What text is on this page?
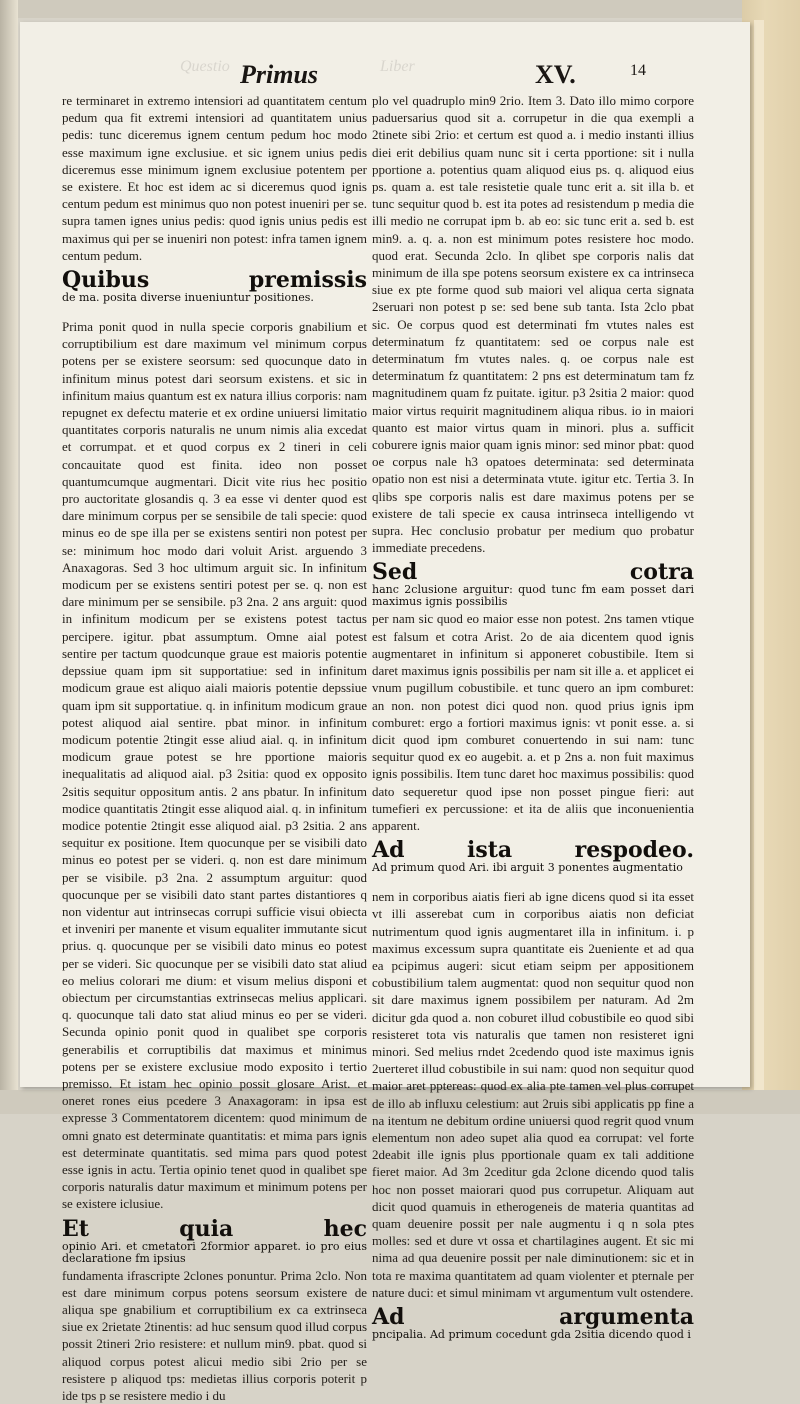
Questio	Liber
Primus	XV.	14

re terminaret in extremo intensiori ad quantitatem centum pedum qua fit extremi intensiori ad quantitatem unius pedis: tunc diceremus ignem centum pedum hoc modo esse maximum igne exclusiue. et sic ignem unius pedis diceremus esse minimum ignem exclusiue potentem per se existere. Et hoc est idem ac si diceremus quod ignis centum pedum est minimus quo non potest inueniri per se. supra tamen ignes unius pedis: quod ignis unius pedis est maximus qui per se inueniri non potest: infra tamen ignem centum pedum.

Quibus premissis de ma. posita diverse inueniuntur positiones.

Prima ponit quod in nulla specie corporis gnabilium et corruptibilium est dare maximum vel minimum corpus potens per se existere seorsum: sed quocunque dato in infinitum minus potest dari seorsum existens. et sic in infinitum maius quantum est ex natura illius corporis: nam repugnet ex defectu materie et ex ordine uniuersi limitatio quantitates corporis naturalis ne unum nimis alia excedat et corrumpat. et et quod corpus ex 2 tineri in celi concauitate quod est finita. ideo non posset quantumcumque augmentari. Dicit vite rius hec positio pro auctoritate glosandis q. 3 ea esse vi denter quod est dare minimum corpus per se sensibile de tali specie: quod minus eo de spe illa per se existens sentiri non potest per se: minimum hoc modo dari voluit Arist. arguendo 3 Anaxagoras. Sed 3 hoc ultimum arguit sic. In infinitum modicum per se existens sentiri potest per se. q. non est dare minimum per se sensibile. p3 2na. 2 ans arguit: quod in infinitum modicum per se existens potest tactus percipere. igitur. pbat assumptum. Omne aial potest sentire per tactum quodcunque graue est maioris potentie depssiue quam ipm sit supportatiue: sed in infinitum modicum graue est aliquo aiali maioris potentie depssiue quam ipm sit supportatiue. q. in infinitum modicum graue potest aliquod aial sentire. pbat minor. in infinitum modicum potentie 2tingit esse aliud aial. q. in infinitum modicum graue potest se hre pportione maioris inequalitatis ad aliquod aial. p3 2sitia: quod ex opposito 2sitis sequitur oppositum antis. 2 ans pbatur. In infinitum modice quantitatis 2tingit esse aliquod aial. q. in infinitum modice potentie 2tingit esse aliquod aial. p3 2sitia. 2 ans sequitur ex positione. Item quocunque per se visibili dato minus eo potest per se videri. q. non est dare minimum per se visibile. p3 2na. 2 assumptum arguitur: quod quocunque per se visibili dato stant partes distantiores q non videntur aut intrinsecas corrupi sufficie visui obiecta et inveniri per manente et visum equaliter immutante sicut prius. q. quocunque per se visibili dato minus eo potest per se videri. Sic quocunque per se visibili dato stat aliud eo melius colorari me dium: et visum melius disponi et obiectum per circumstantias extrinsecas melius applicari. q. quocunque tali dato stat aliud minus eo per se videri. Secunda opinio ponit quod in qualibet spe corporis generabilis et corruptibilis dat maximus et minimus potens per se existere exclusiue modo exposito i tertio premisso. Et istam hec opinio possit glosare Arist. et oneret rones eius pcedere 3 Anaxagoram: in ipsa est expresse 3 Commentatorem dicentem: quod minimum de omni gnato est determinate quantitatis: et mima pars ignis est determinate quantitatis. sed mima pars quod potest esse ignis in actu. Tertia opinio tenet quod in qualibet spe corporis naturalis datur maximum et minimum potens per se existere iclusiue.

Et quia hec opinio Ari. et cmetatori 2formior apparet. io pro eius declaratione fm ipsius

fundamenta ifrascripte 2clones ponuntur. Prima 2clo. Non est dare minimum corpus potens seorsum existere de aliqua spe gnabilium et corruptibilium ex ca extrinseca siue ex 2rietate 2tinentis: ad huc sensum quod illud corpus possit 2tineri 2rio resistere: et nullum min9. pbat. quod si aliquod corpus potest alicui medio sibi 2rio per se resistere p aliquod tps: medietas illius corporis poterit p ide tps p se resistere medio i du

plo vel quadruplo min9 2rio. Item 3. Dato illo mimo corpore paduersarius quod sit a. corrupetur in die qua exempli a 2tinete sibi 2rio: et certum est quod a. i medio instanti illius diei erit debilius quam nunc sit i certa pportione: sit i nulla pportione a. potentius quam aliquod eius ps. q. aliquod eius ps. quam a. est tale resistetie quale tunc erit a. sit illa b. et tunc sequitur quod b. est ita potes ad resistendum p media die illi medio ne corrupat ipm b. ab eo: sic tunc erit a. sed b. est min9. a. q. a. non est minimum potes resistere hoc modo. quod erat. Secunda 2clo. In qlibet spe corporis nalis dat minimum de illa spe potens seorsum existere ex ca intrinseca siue ex pte forme quod sub maiori vel aliqua certa signata 2seruari non potest p se: sed bene sub tanta. Ista 2clo pbat sic. Oe corpus quod est determinati fm vtutes nales est determinatum fz quantitatem: sed oe corpus nale est determinatum fm vtutes nales. q. oe corpus nale est determinatum fz quantitatem: 2 pns est determinatum tam fz magnitudinem quam fz puitate. igitur. p3 2sitia 2 maior: quod maior virtus requirit magnitudinem aliqua ribus. io in maiori quanto est maior virtus quam in minori. plus a. sufficit coburere ignis maior quam ignis minor: sed minor pbat: quod oe corpus nale h3 opatoes determinata: sed determinata opatio non est nisi a determinata vtute. igitur etc. Tertia 3. In qlibs spe corporis nalis est dare maximus potens per se existere de tali specie ex causa intrinseca intelligendo vt supra. Hec conclusio probatur per medium quo probatur immediate precedens.

Sed cotra hanc 2clusione arguitur: quod tunc fm eam posset dari maximus ignis possibilis

per nam sic quod eo maior esse non potest. 2ns tamen vtique est falsum et cotra Arist. 2o de aia dicentem quod ignis augmentaret in infinitum si apponeret cobustibile. Item si daret maximus ignis possibilis per nam sit ille a. et applicet ei vnum pugillum cobustibile. et tunc quero an ipm comburet: an non. non potest dici quod non. quod prius ignis ipm comburet: ergo a fortiori maximus ignis: vt ponit esse. a. si dicit quod ipm comburet conuertendo in sui nam: tunc sequitur quod ex eo augebit. a. et p 2ns a. non fuit maximus ignis possibilis. Item tunc daret hoc maximus possibilis: quod dato sequeretur quod ipse non posset pingue fieri: aut tumefieri ex percussione: et ita de aliis que inconuenientia apparent.

Ad ista respodeo. Ad primum quod Ari. ibi arguit 3 ponentes augmentatio

nem in corporibus aiatis fieri ab igne dicens quod si ita esset vt illi asserebat cum in corporibus aiatis non deficiat nutrimentum quod ignis augmentaret illa in infinitum. i. p maximus excessum supra quantitate eis 2ueniente et ad qua ea pcipimus augeri: sicut etiam seipm per appositionem cobustibilium talem augmentat: quod non sequitur quod non sit dare maximus ignem possibilem per naturam. Ad 2m dicitur gda quod a. non coburet illud cobustibile eo quod sibi resisteret tota vis naturalis que tamen non resisteret igni minori. Sed melius rndet 2cedendo quod iste maximus ignis 2uerteret illud cobustibile in sui nam: quod non sequitur quod maior aret pptereas: quod ex alia pte tamen vel plus corrupet de illo ab influxu celestium: aut 2ruis sibi applicatis pp fine a na itentum ne debitum ordine uniuersi quod regrit quod vnum elementum non adeo supet alia quod ea corrupat: vel forte 2deabit ille ignis plus pportionale quam ex tali additione fieret maior. Ad 3m 2ceditur gda 2clone dicendo quod talis hoc non posset maiorari quod pus corrupetur. Aliquam aut dicit quod quamuis in etherogeneis de materia quantitas ad quam deuenire possit per nale augmentu i q n sola ptes molles: sed et dure vt ossa et chartilagines augent. Et sic mi nima ad qua deuenire possit per nale diminutionem: sic et in tota re maxima quantitatem ad quam violenter et pternale per nature duci: et simul minimam vt argumentum vult ostendere.

Ad argumenta pncipalia. Ad primum cocedunt gda 2sitia dicendo quod i
